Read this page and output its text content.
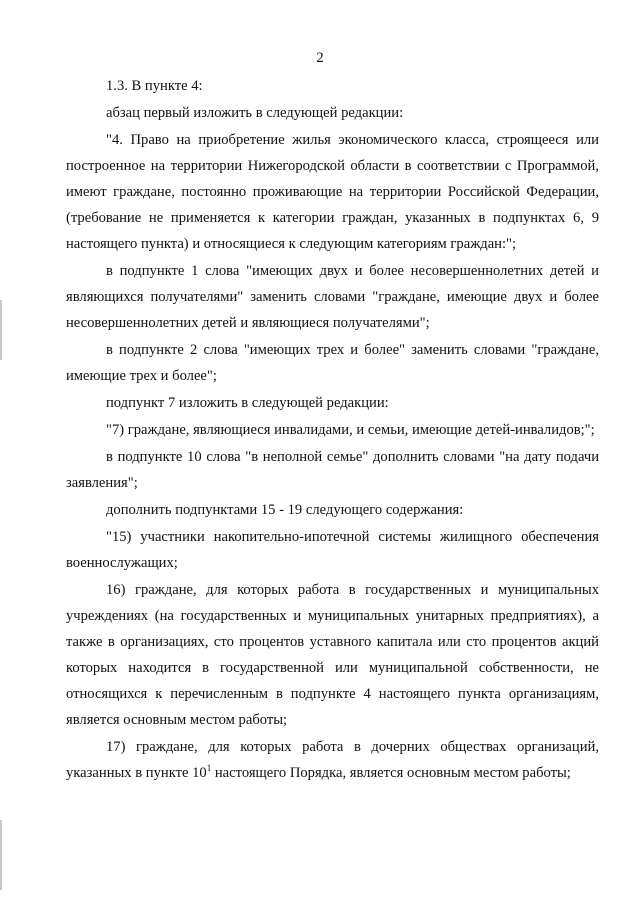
2

1.3. В пункте 4:

абзац первый изложить в следующей редакции:

"4. Право на приобретение жилья экономического класса, строящееся или построенное на территории Нижегородской области в соответствии с Программой, имеют граждане, постоянно проживающие на территории Российской Федерации, (требование не применяется к категории граждан, указанных в подпунктах 6, 9 настоящего пункта) и относящиеся к следующим категориям граждан:";

в подпункте 1 слова "имеющих двух и более несовершеннолетних детей и являющихся получателями" заменить словами "граждане, имеющие двух и более несовершеннолетних детей и являющиеся получателями";

в подпункте 2 слова "имеющих трех и более" заменить словами "граждане, имеющие трех и более";

подпункт 7 изложить в следующей редакции:

"7) граждане, являющиеся инвалидами, и семьи, имеющие детей-инвалидов;";

в подпункте 10 слова "в неполной семье" дополнить словами "на дату подачи заявления";

дополнить подпунктами 15 - 19 следующего содержания:

"15) участники накопительно-ипотечной системы жилищного обеспечения военнослужащих;

16) граждане, для которых работа в государственных и муниципальных учреждениях (на государственных и муниципальных унитарных предприятиях), а также в организациях, сто процентов уставного капитала или сто процентов акций которых находится в государственной или муниципальной собственности, не относящихся к перечисленным в подпункте 4 настоящего пункта организациям, является основным местом работы;

17) граждане, для которых работа в дочерних обществах организаций, указанных в пункте $10^1$ настоящего Порядка, является основным местом работы;
